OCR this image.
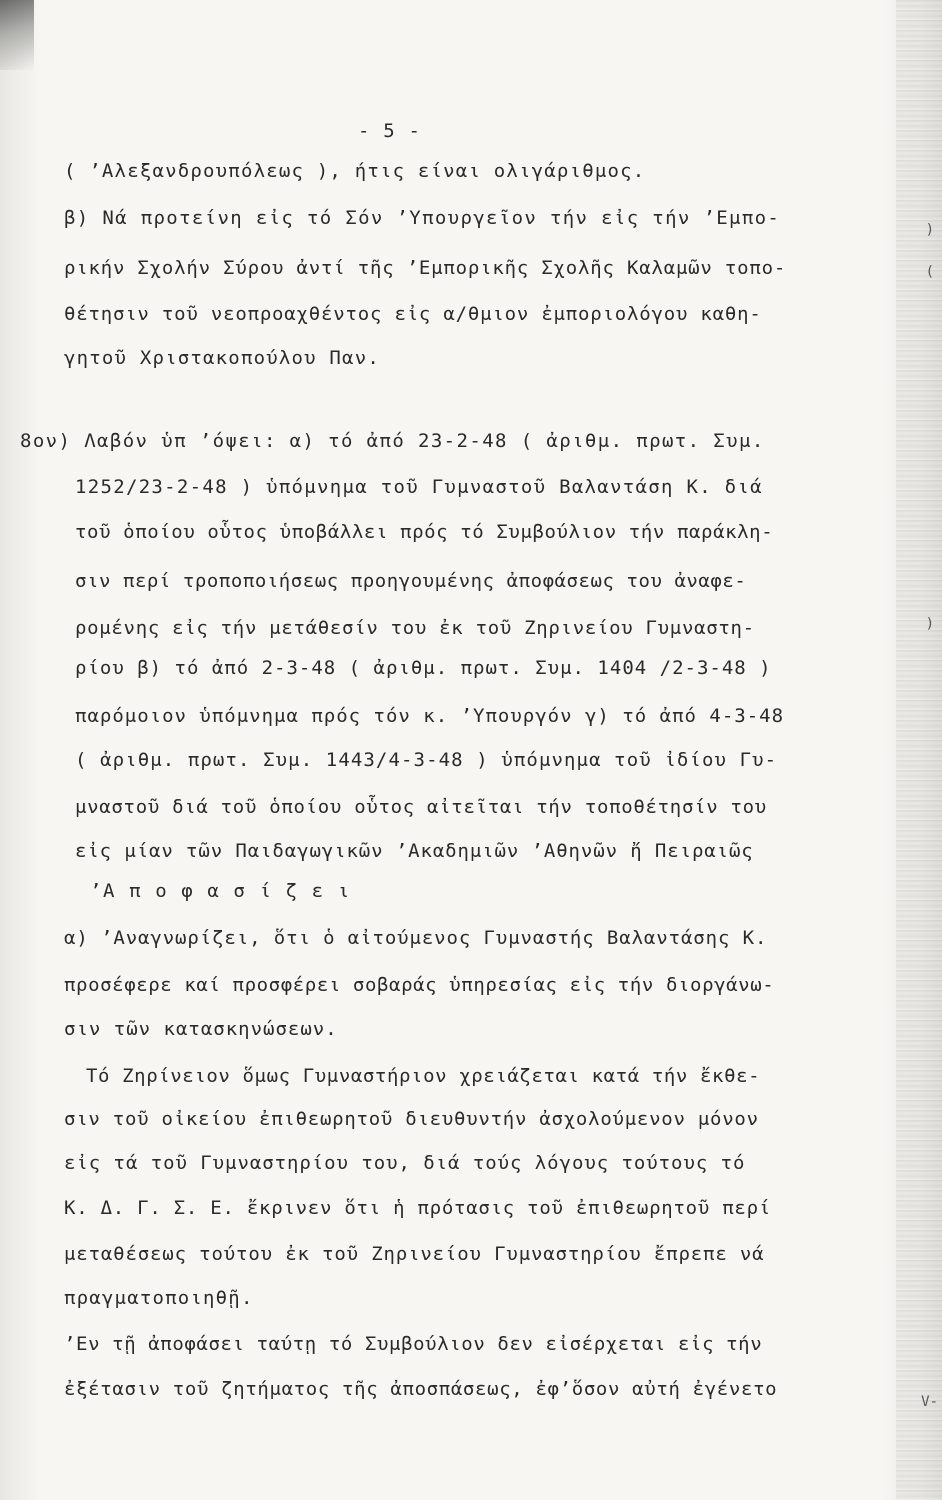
- 5 -
( ’Αλεξανδρουπόλεως ), ήτις είναι ολιγάριθμος.
β) Νά προτείνη εἰς τό Σόν ’Υπουργεῖον τήν εἰς τήν ’Εμπο-
ρικήν Σχολήν Σύρου ἀντί τῆς ’Εμπορικῆς Σχολῆς Καλαμῶν τοπο-
θέτησιν τοῦ νεοπροαχθέντος εἰς α/θμιον ἐμποριολόγου καθη-
γητοῦ Χριστακοπούλου Παν.
8ον) Λαβόν ὑπ ’όψει: α) τό ἀπό 23-2-48 ( ἀριθμ. πρωτ. Συμ.
1252/23-2-48 ) ὑπόμνημα τοῦ Γυμναστοῦ Βαλαντάση Κ. διά
τοῦ ὁποίου οὗτος ὑποβάλλει πρός τό Συμβούλιον τήν παράκλη-
σιν περί τροποποιήσεως προηγουμένης ἀποφάσεως του ἀναφε-
ρομένης εἰς τήν μετάθεσίν του ἐκ τοῦ Ζηρινείου Γυμναστη-
ρίου β) τό ἀπό 2-3-48 ( ἀριθμ. πρωτ. Συμ. 1404 /2-3-48 )
παρόμοιον ὑπόμνημα πρός τόν κ. ’Υπουργόν γ) τό ἀπό 4-3-48
( ἀριθμ. πρωτ. Συμ. 1443/4-3-48 ) ὑπόμνημα τοῦ ἰδίου Γυ-
μναστοῦ διά τοῦ ὁποίου οὗτος αἰτεῖται τήν τοποθέτησίν του
εἰς μίαν τῶν Παιδαγωγικῶν ’Ακαδημιῶν ’Αθηνῶν ἤ Πειραιῶς
’Α π ο φ α σ ί ζ ε ι
α) ’Αναγνωρίζει, ὅτι ὁ αἰτούμενος Γυμναστής Βαλαντάσης Κ.
προσέφερε καί προσφέρει σοβαράς ὑπηρεσίας εἰς τήν διοργάνω-
σιν τῶν κατασκηνώσεων.
Τό Ζηρίνειον ὅμως Γυμναστήριον χρειάζεται κατά τήν ἔκθε-
σιν τοῦ οἰκείου ἐπιθεωρητοῦ διευθυντήν ἀσχολούμενον μόνον
εἰς τά τοῦ Γυμναστηρίου του, διά τούς λόγους τούτους τό
Κ. Δ. Γ. Σ. Ε. ἔκρινεν ὅτι ἡ πρότασις τοῦ ἐπιθεωρητοῦ περί
μεταθέσεως τούτου ἐκ τοῦ Ζηρινείου Γυμναστηρίου ἔπρεπε νά
πραγματοποιηθῇ.
’Εν τῇ ἀποφάσει ταύτῃ τό Συμβούλιον δεν εἰσέρχεται εἰς τήν
ἐξέτασιν τοῦ ζητήματος τῆς ἀποσπάσεως, ἐφ’ὅσον αὐτή ἐγένετο
)
(
)
V-
